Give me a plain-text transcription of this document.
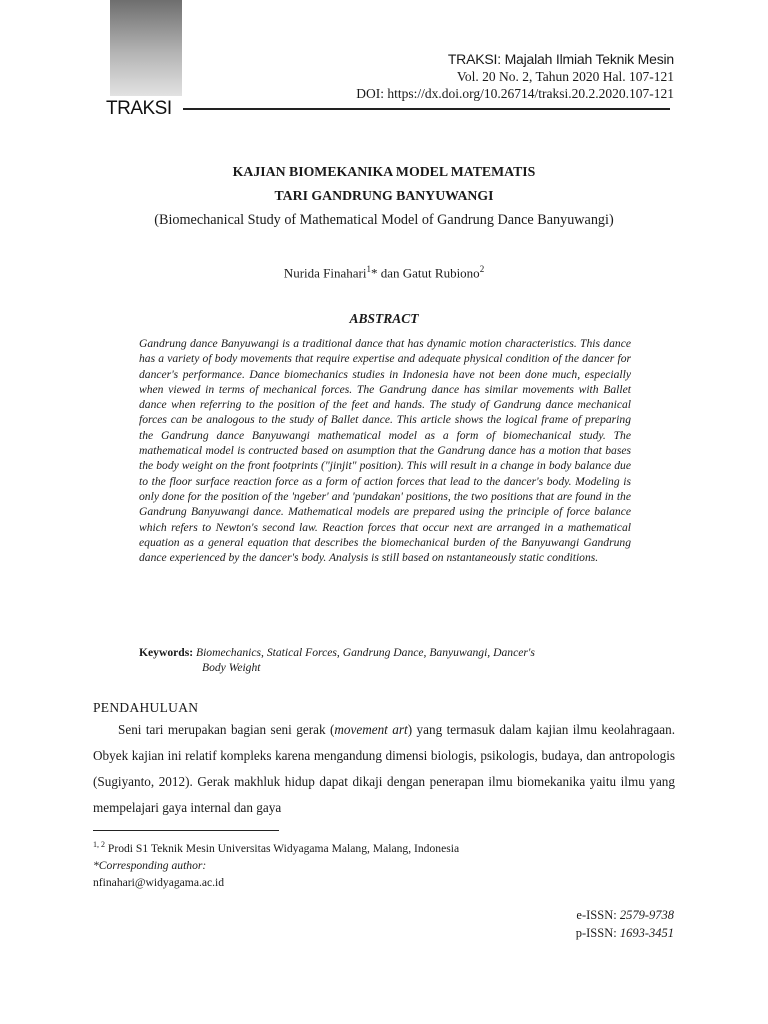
TRAKSI
TRAKSI: Majalah Ilmiah Teknik Mesin
Vol. 20 No. 2, Tahun 2020 Hal. 107-121
DOI: https://dx.doi.org/10.26714/traksi.20.2.2020.107-121
KAJIAN BIOMEKANIKA MODEL MATEMATIS
TARI GANDRUNG BANYUWANGI
(Biomechanical Study of Mathematical Model of Gandrung Dance Banyuwangi)
Nurida Finahari$^1$* dan Gatut Rubiono$^2$
ABSTRACT

Gandrung dance Banyuwangi is a traditional dance that has dynamic motion characteristics. This dance has a variety of body movements that require expertise and adequate physical condition of the dancer for dancer's performance. Dance biomechanics studies in Indonesia have not been done much, especially when viewed in terms of mechanical forces. The Gandrung dance has similar movements with Ballet dance when referring to the position of the feet and hands. The study of Gandrung dance mechanical forces can be analogous to the study of Ballet dance. This article shows the logical frame of preparing the Gandrung dance Banyuwangi mathematical model as a form of biomechanical study. The mathematical model is contructed based on asumption that the Gandrung dance has a motion that bases the body weight on the front footprints ("jinjit" position). This will result in a change in body balance due to the floor surface reaction force as a form of action forces that lead to the dancer's body. Modeling is only done for the position of the 'ngeber' and 'pundakan' positions, the two positions that are found in the Gandrung Banyuwangi dance. Mathematical models are prepared using the principle of force balance which refers to Newton's second law. Reaction forces that occur next are arranged in a mathematical equation as a general equation that describes the biomechanical burden of the Banyuwangi Gandrung dance experienced by the dancer's body. Analysis is still based on nstantaneously static conditions.

Keywords: Biomechanics, Statical Forces, Gandrung Dance, Banyuwangi, Dancer's
Body Weight
PENDAHULUAN

Seni tari merupakan bagian seni gerak (movement art) yang termasuk dalam kajian ilmu keolahragaan. Obyek kajian ini relatif kompleks karena mengandung dimensi biologis, psikologis, budaya, dan antropologis (Sugiyanto, 2012). Gerak makhluk hidup dapat dikaji dengan penerapan ilmu biomekanika yaitu ilmu yang mempelajari gaya internal dan gaya

$^{1, 2}$ Prodi S1 Teknik Mesin Universitas Widyagama Malang, Malang, Indonesia
*Corresponding author:
nfinahari@widyagama.ac.id
e-ISSN: 2579-9738
p-ISSN: 1693-3451
